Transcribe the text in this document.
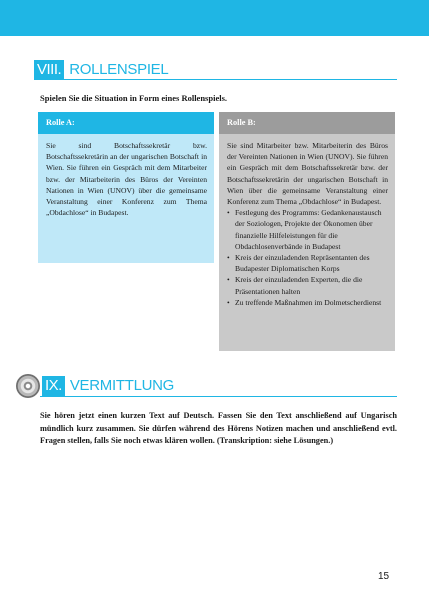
VIII. ROLLENSPIEL
Spielen Sie die Situation in Form eines Rollenspiels.
Rolle A:
Sie sind Botschaftssekretär bzw. Botschaftssekretärin an der ungarischen Botschaft in Wien. Sie führen ein Gespräch mit dem Mitarbeiter bzw. der Mitarbeiterin des Büros der Vereinten Nationen in Wien (UNOV) über die gemeinsame Veranstaltung einer Konferenz zum Thema „Obdachlose“ in Budapest.
Rolle B:
Sie sind Mitarbeiter bzw. Mitarbeiterin des Büros der Vereinten Nationen in Wien (UNOV). Sie führen ein Gespräch mit dem Botschaftssekretär bzw. der Botschaftssekretärin der ungarischen Botschaft in Wien über die gemeinsame Veranstaltung einer Konferenz zum Thema „Obdachlose“ in Budapest.
• Festlegung des Programms: Gedankenaustausch der Soziologen, Projekte der Ökonomen über finanzielle Hilfeleistungen für die Obdachlosenverbände in Budapest
• Kreis der einzuladenden Repräsentanten des Budapester Diplomatischen Korps
• Kreis der einzuladenden Experten, die die Präsentationen halten
• Zu treffende Maßnahmen im Dolmetscherdienst
IX. VERMITTLUNG
Sie hören jetzt einen kurzen Text auf Deutsch. Fassen Sie den Text anschließend auf Ungarisch mündlich kurz zusammen. Sie dürfen während des Hörens Notizen machen und anschließend evtl. Fragen stellen, falls Sie noch etwas klären wollen. (Transkription: siehe Lösungen.)
15
